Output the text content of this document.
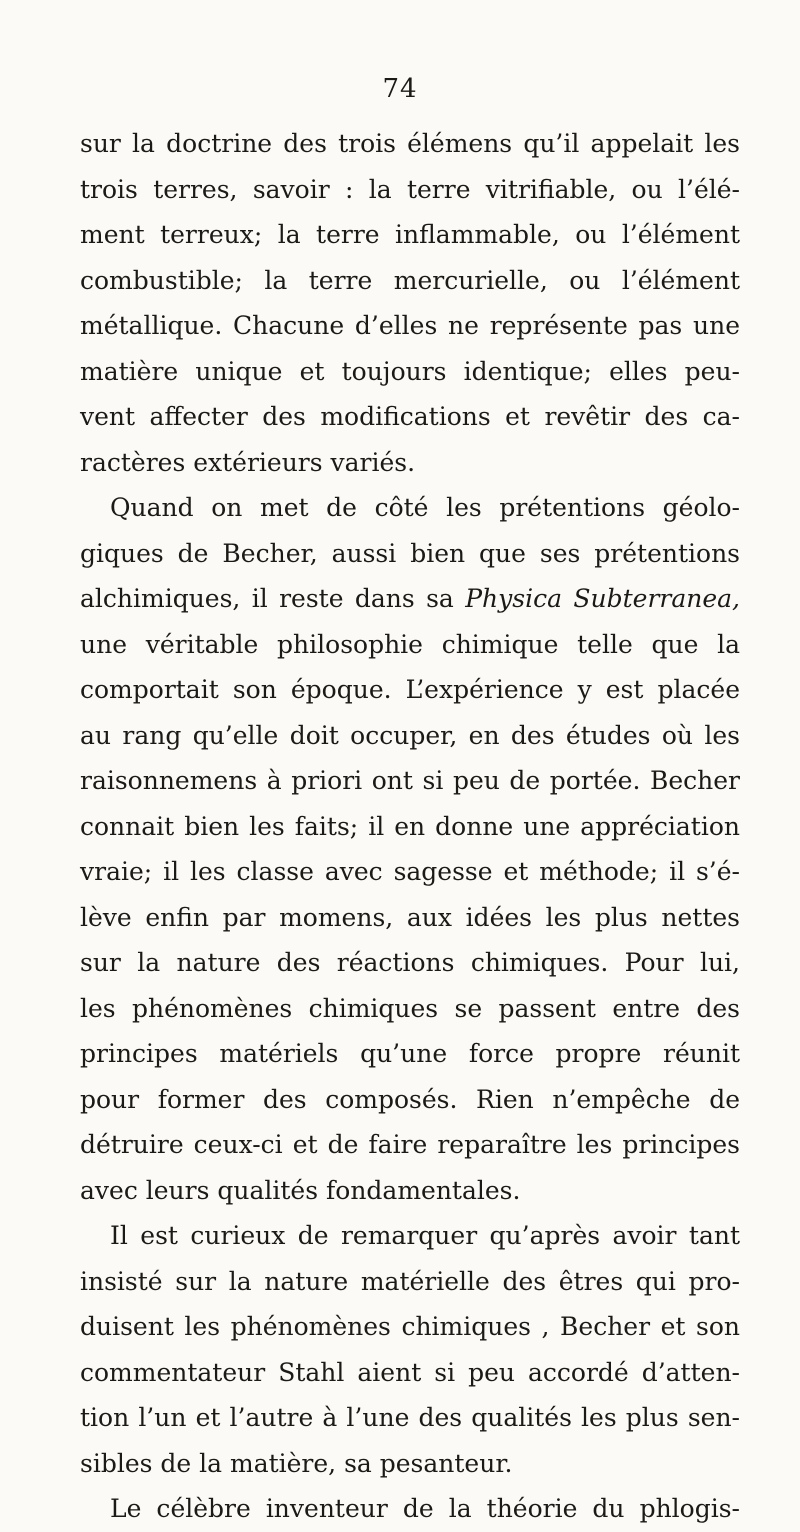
74
sur la doctrine des trois élémens qu’il appelait les
trois terres, savoir : la terre vitrifiable, ou l’élé-
ment terreux; la terre inflammable, ou l’élément
combustible; la terre mercurielle, ou l’élément
métallique. Chacune d’elles ne représente pas une
matière unique et toujours identique; elles peu-
vent affecter des modifications et revêtir des ca-
ractères extérieurs variés.
Quand on met de côté les prétentions géolo-
giques de Becher, aussi bien que ses prétentions
alchimiques, il reste dans sa Physica Subterranea,
une véritable philosophie chimique telle que la
comportait son époque. L’expérience y est placée
au rang qu’elle doit occuper, en des études où les
raisonnemens à priori ont si peu de portée. Becher
connait bien les faits; il en donne une appréciation
vraie; il les classe avec sagesse et méthode; il s’é-
lève enfin par momens, aux idées les plus nettes
sur la nature des réactions chimiques. Pour lui,
les phénomènes chimiques se passent entre des
principes matériels qu’une force propre réunit
pour former des composés. Rien n’empêche de
détruire ceux-ci et de faire reparaître les principes
avec leurs qualités fondamentales.
Il est curieux de remarquer qu’après avoir tant
insisté sur la nature matérielle des êtres qui pro-
duisent les phénomènes chimiques , Becher et son
commentateur Stahl aient si peu accordé d’atten-
tion l’un et l’autre à l’une des qualités les plus sen-
sibles de la matière, sa pesanteur.
Le célèbre inventeur de la théorie du phlogis-
